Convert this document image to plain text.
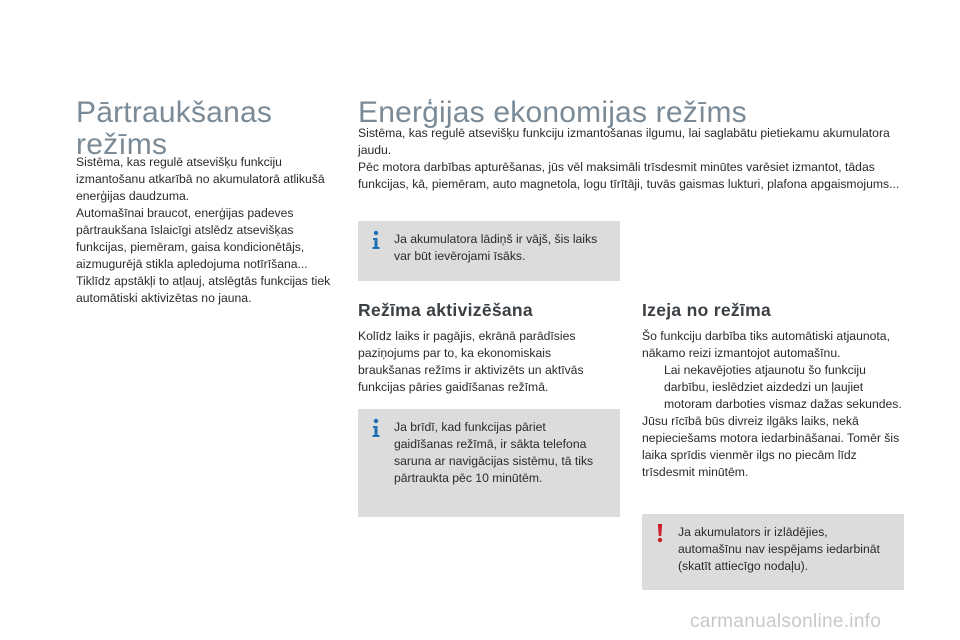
Pārtraukšanas
režīms

Sistēma, kas regulē atsevišķu funkciju izmantošanu atkarībā no akumulatorā atlikušā enerģijas daudzuma.

Automašīnai braucot, enerģijas padeves pārtraukšana īslaicīgi atslēdz atsevišķas funkcijas, piemēram, gaisa kondicionētājs, aizmugurējā stikla apledojuma notīrīšana...

Tiklīdz apstākļi to atļauj, atslēgtās funkcijas tiek automātiski aktivizētas no jauna.

Enerģijas ekonomijas režīms

Sistēma, kas regulē atsevišķu funkciju izmantošanas ilgumu, lai saglabātu pietiekamu akumulatora jaudu.

Pēc motora darbības apturēšanas, jūs vēl maksimāli trīsdesmit minūtes varēsiet izmantot, tādas funkcijas, kā, piemēram, auto magnetola, logu tīrītāji, tuvās gaismas lukturi, plafona apgaismojums...

Ja akumulatora lādiņš ir vājš, šis laiks var būt ievērojami īsāks.
Režīma aktivizēšana
Kolīdz laiks ir pagājis, ekrānā parādīsies paziņojums par to, ka ekonomiskais braukšanas režīms ir aktivizēts un aktīvās funkcijas pāries gaidīšanas režīmā.
Ja brīdī, kad funkcijas pāriet gaidīšanas režīmā, ir sākta telefona saruna ar navigācijas sistēmu, tā tiks pārtraukta pēc 10 minūtēm.
Izeja no režīma

Šo funkciju darbība tiks automātiski atjaunota, nākamo reizi izmantojot automašīnu.

Lai nekavējoties atjaunotu šo funkciju darbību, ieslēdziet aizdedzi un ļaujiet motoram darboties vismaz dažas sekundes.

Jūsu rīcībā būs divreiz ilgāks laiks, nekā nepieciešams motora iedarbināšanai. Tomēr šis laika sprīdis vienmēr ilgs no piecām līdz trīsdesmit minūtēm.

Ja akumulators ir izlādējies, automašīnu nav iespējams iedarbināt (skatīt attiecīgo nodaļu).
carmanualsonline.info
